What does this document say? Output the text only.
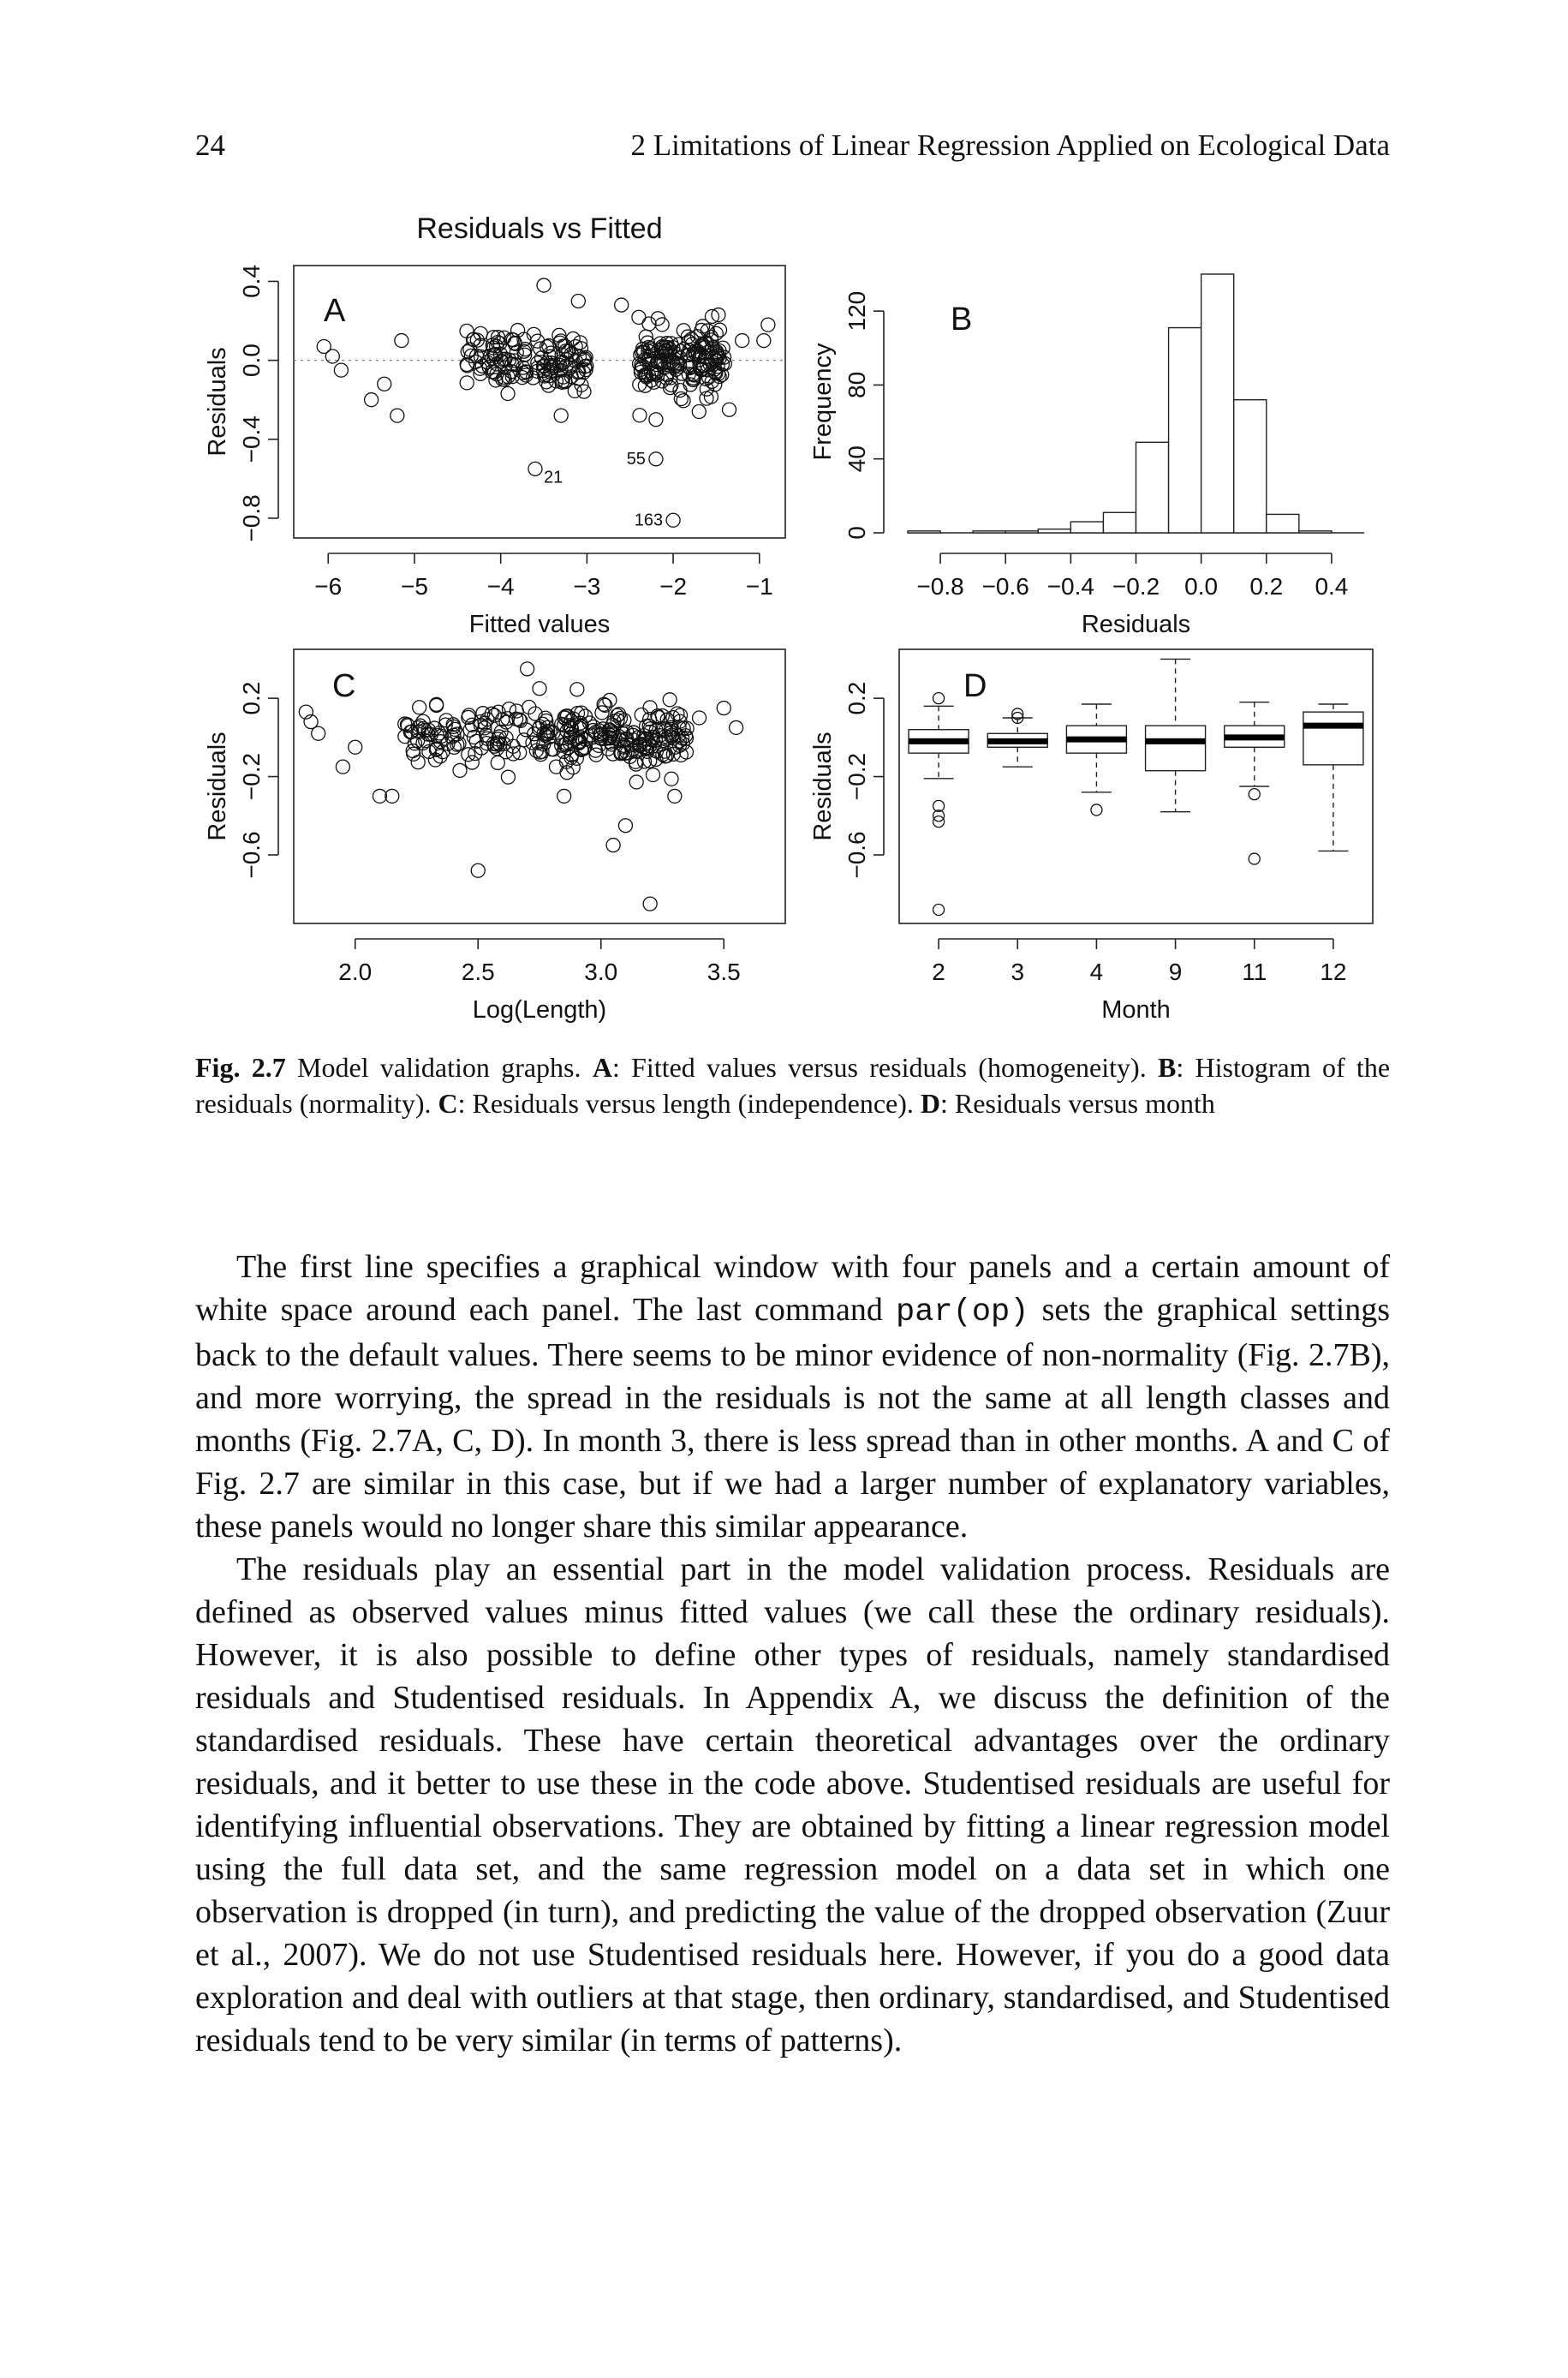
24	2 Limitations of Linear Regression Applied on Ecological Data
Residuals vs Fitted
21
55
163
A
−6 −5 −4 −3 −2 −1
Fitted values
−0.8
−0.4
0.0
0.4
Residuals
B
−0.8 −0.6 −0.4 −0.2 0.0 0.2 0.4
Residuals
0
40
80
120
Frequency
C
2.0	2.5	3.0	3.5
Log(Length)
−0.6
−0.2
0.2
Residuals
2	3	4	9 11 12
Month
D
−0.6
−0.2
0.2
Residuals
Fig. 2.7 Model validation graphs. A: Fitted values versus residuals (homogeneity). B: Histogram of the residuals (normality). C: Residuals versus length (independence). D: Residuals versus month

The first line specifies a graphical window with four panels and a certain amount of white space around each panel. The last command par(op) sets the graphical settings back to the default values. There seems to be minor evidence of non-normality (Fig. 2.7B), and more worrying, the spread in the residuals is not the same at all length classes and months (Fig. 2.7A, C, D). In month 3, there is less spread than in other months. A and C of Fig. 2.7 are similar in this case, but if we had a larger number of explanatory variables, these panels would no longer share this similar appearance.

The residuals play an essential part in the model validation process. Residuals are defined as observed values minus fitted values (we call these the ordinary residuals). However, it is also possible to define other types of residuals, namely standardised residuals and Studentised residuals. In Appendix A, we discuss the definition of the standardised residuals. These have certain theoretical advantages over the ordinary residuals, and it better to use these in the code above. Studentised residuals are useful for identifying influential observations. They are obtained by fitting a linear regression model using the full data set, and the same regression model on a data set in which one observation is dropped (in turn), and predicting the value of the dropped observation (Zuur et al., 2007). We do not use Studentised residuals here. However, if you do a good data exploration and deal with outliers at that stage, then ordinary, standardised, and Studentised residuals tend to be very similar (in terms of patterns).
